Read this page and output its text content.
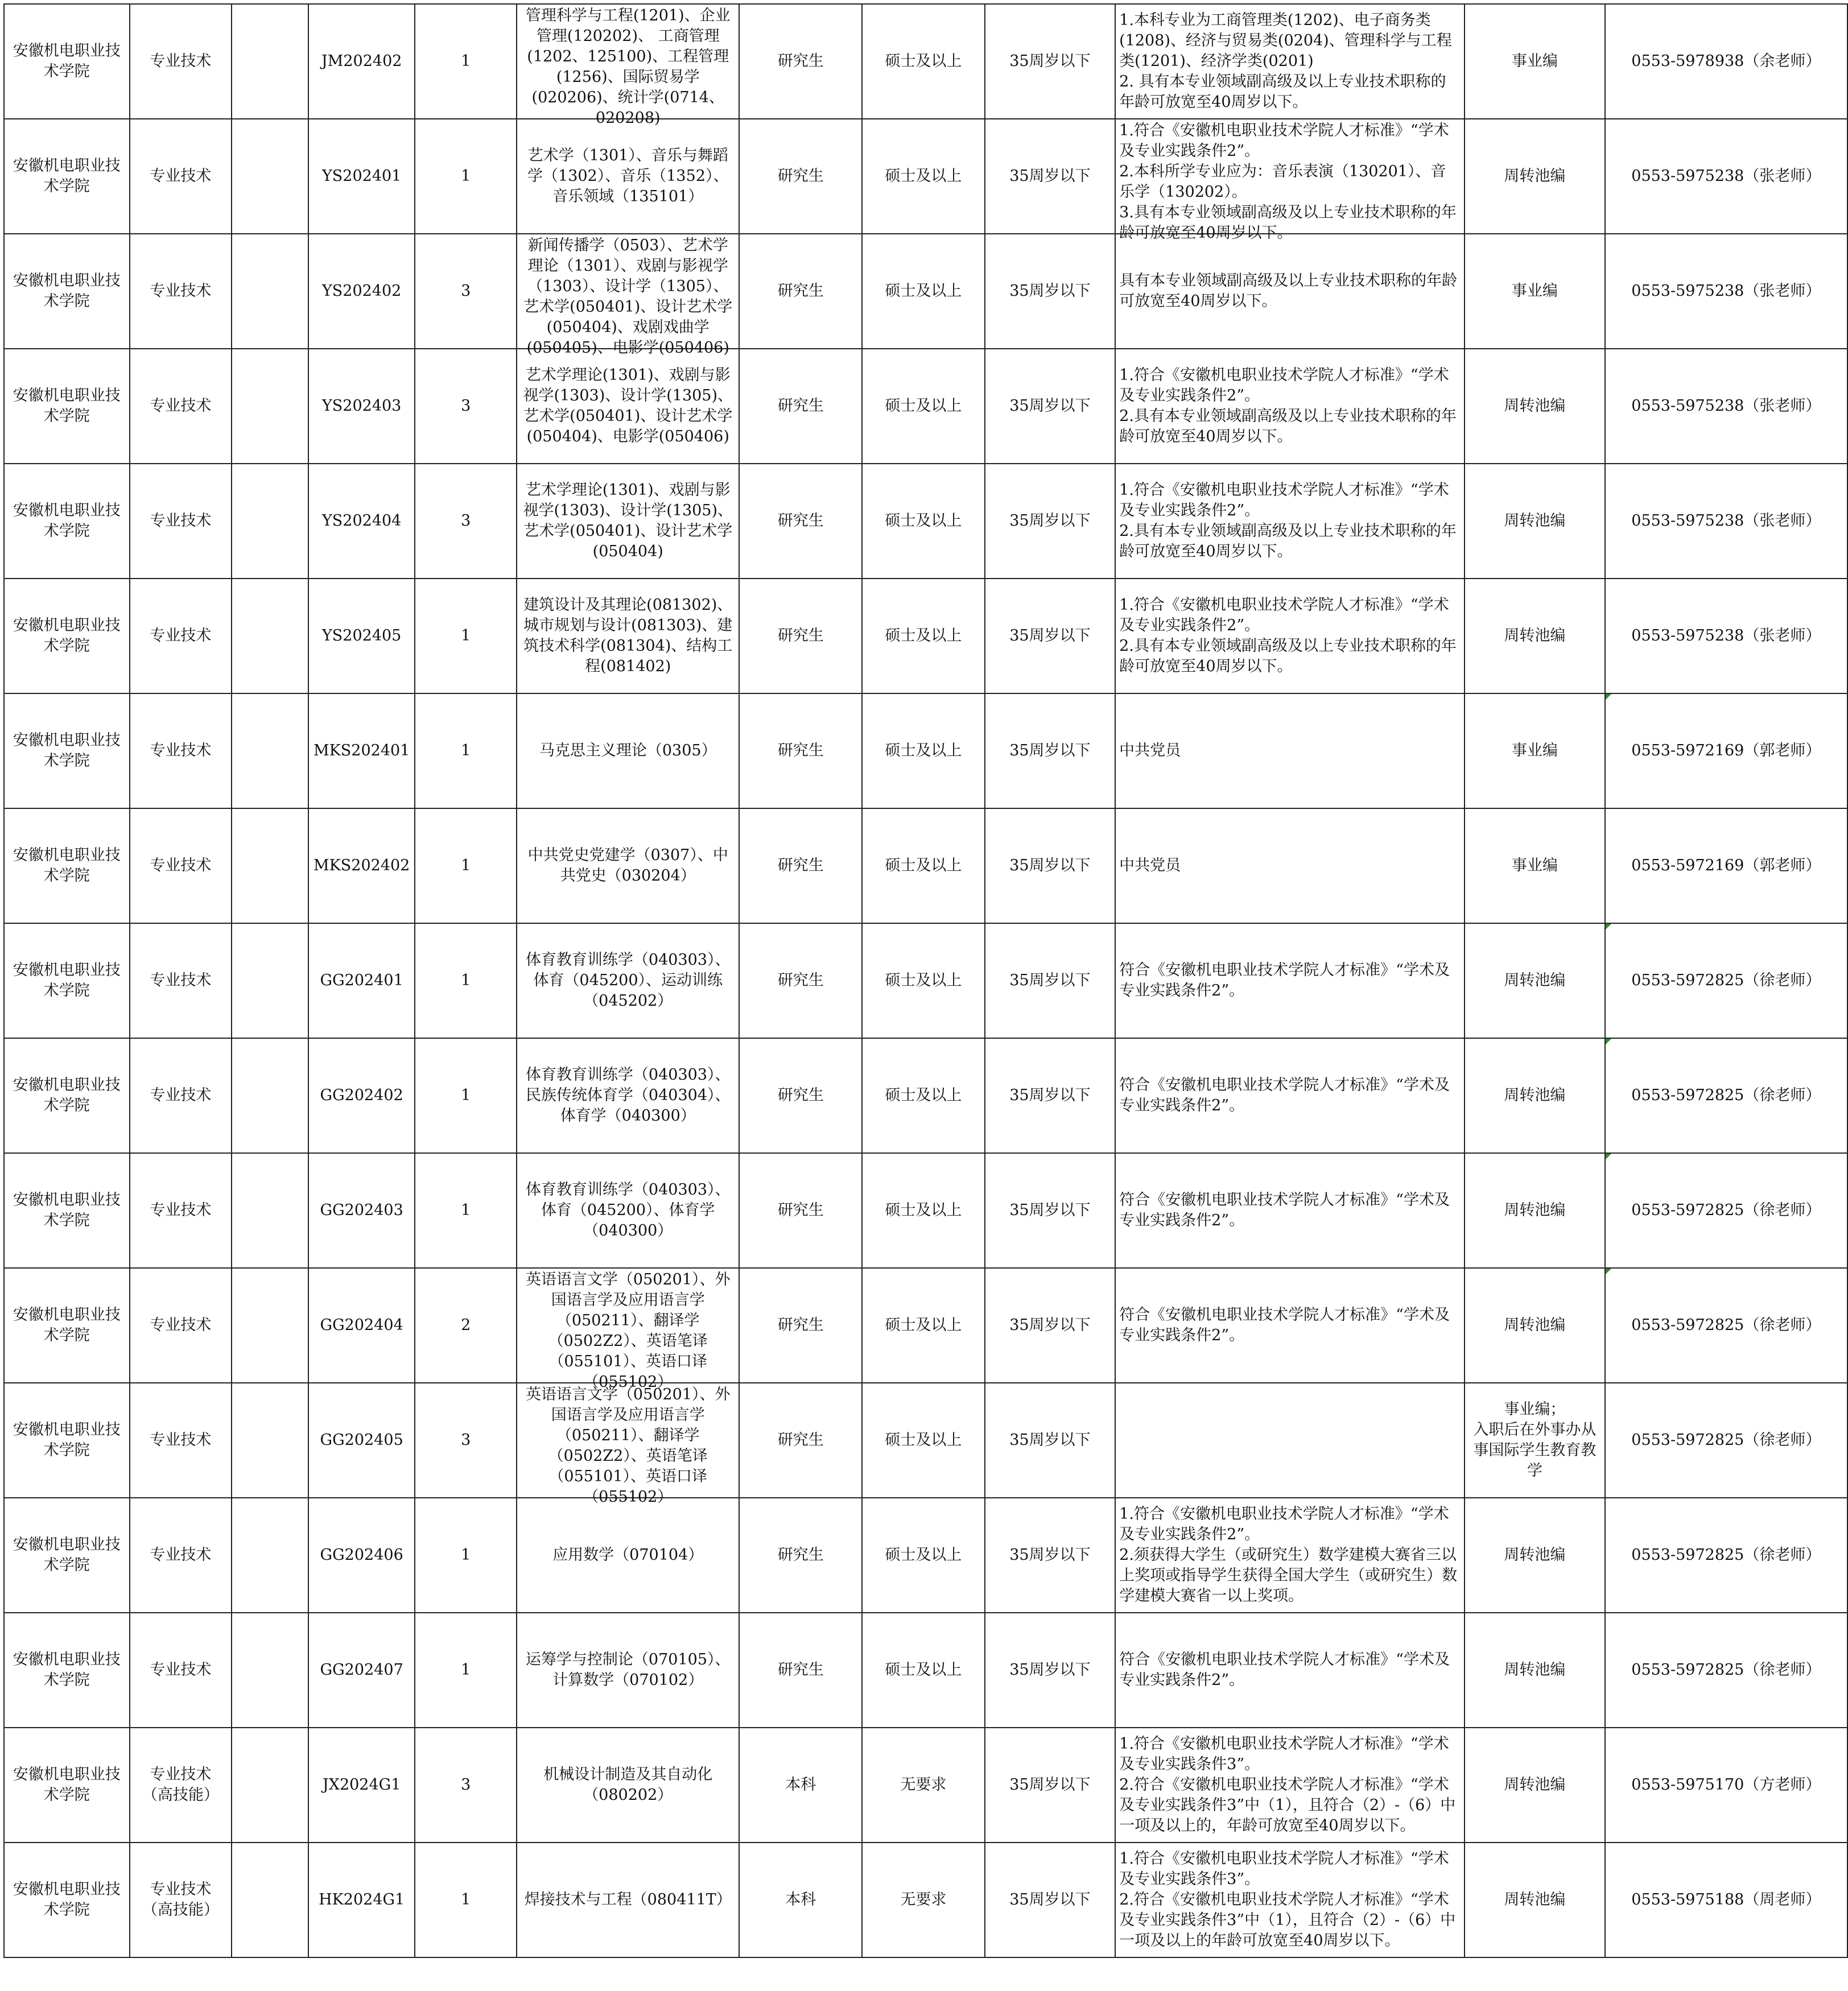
安徽机电职业技术学院	专业技术		JM202402	1	管理科学与工程(1201)、企业管理(120202)、 工商管理(1202、125100)、工程管理(1256)、国际贸易学(020206)、统计学(0714、020208)	研究生	硕士及以上	35周岁以下	1.本科专业为工商管理类(1202)、电子商务类(1208)、经济与贸易类(0204)、管理科学与工程类(1201)、经济学类(0201)
2. 具有本专业领域副高级及以上专业技术职称的年龄可放宽至40周岁以下。	事业编	0553-5978938（余老师）

安徽机电职业技术学院	专业技术		YS202401	1	艺术学（1301）、音乐与舞蹈学（1302）、音乐（1352）、音乐领域（135101）	研究生	硕士及以上	35周岁以下	1.符合《安徽机电职业技术学院人才标准》“学术及专业实践条件2”。
2.本科所学专业应为：音乐表演（130201）、音乐学（130202）。
3.具有本专业领域副高级及以上专业技术职称的年龄可放宽至40周岁以下。	周转池编	0553-5975238（张老师）

安徽机电职业技术学院	专业技术		YS202402	3	新闻传播学（0503）、艺术学理论（1301）、戏剧与影视学（1303）、设计学（1305）、艺术学(050401)、设计艺术学(050404)、戏剧戏曲学(050405)、电影学(050406)	研究生	硕士及以上	35周岁以下	具有本专业领域副高级及以上专业技术职称的年龄可放宽至40周岁以下。	事业编	0553-5975238（张老师）

安徽机电职业技术学院	专业技术		YS202403	3	艺术学理论(1301)、戏剧与影视学(1303)、设计学(1305)、艺术学(050401)、设计艺术学(050404)、电影学(050406)	研究生	硕士及以上	35周岁以下	1.符合《安徽机电职业技术学院人才标准》“学术及专业实践条件2”。
2.具有本专业领域副高级及以上专业技术职称的年龄可放宽至40周岁以下。	周转池编	0553-5975238（张老师）

安徽机电职业技术学院	专业技术		YS202404	3	艺术学理论(1301)、戏剧与影视学(1303)、设计学(1305)、艺术学(050401)、设计艺术学(050404)	研究生	硕士及以上	35周岁以下	1.符合《安徽机电职业技术学院人才标准》“学术及专业实践条件2”。
2.具有本专业领域副高级及以上专业技术职称的年龄可放宽至40周岁以下。	周转池编	0553-5975238（张老师）

安徽机电职业技术学院	专业技术		YS202405	1	建筑设计及其理论(081302)、城市规划与设计(081303)、建筑技术科学(081304)、结构工程(081402)	研究生	硕士及以上	35周岁以下	1.符合《安徽机电职业技术学院人才标准》“学术及专业实践条件2”。
2.具有本专业领域副高级及以上专业技术职称的年龄可放宽至40周岁以下。	周转池编	0553-5975238（张老师）

安徽机电职业技术学院	专业技术		MKS202401	1	马克思主义理论（0305）	研究生	硕士及以上	35周岁以下	中共党员	事业编	0553-5972169（郭老师）

安徽机电职业技术学院	专业技术		MKS202402	1	中共党史党建学（0307）、中共党史（030204）	研究生	硕士及以上	35周岁以下	中共党员	事业编	0553-5972169（郭老师）

安徽机电职业技术学院	专业技术		GG202401	1	体育教育训练学（040303）、体育（045200）、运动训练（045202）	研究生	硕士及以上	35周岁以下	符合《安徽机电职业技术学院人才标准》“学术及专业实践条件2”。	周转池编	0553-5972825（徐老师）

安徽机电职业技术学院	专业技术		GG202402	1	体育教育训练学（040303）、民族传统体育学（040304）、体育学（040300）	研究生	硕士及以上	35周岁以下	符合《安徽机电职业技术学院人才标准》“学术及专业实践条件2”。	周转池编	0553-5972825（徐老师）

安徽机电职业技术学院	专业技术		GG202403	1	体育教育训练学（040303）、体育（045200）、体育学（040300）	研究生	硕士及以上	35周岁以下	符合《安徽机电职业技术学院人才标准》“学术及专业实践条件2”。	周转池编	0553-5972825（徐老师）

安徽机电职业技术学院	专业技术		GG202404	2	英语语言文学（050201）、外国语言学及应用语言学（050211）、翻译学（0502Z2）、英语笔译（055101）、英语口译（055102）	研究生	硕士及以上	35周岁以下	符合《安徽机电职业技术学院人才标准》“学术及专业实践条件2”。	周转池编	0553-5972825（徐老师）

安徽机电职业技术学院	专业技术		GG202405	3	英语语言文学（050201）、外国语言学及应用语言学（050211）、翻译学（0502Z2）、英语笔译（055101）、英语口译（055102）	研究生	硕士及以上	35周岁以下		事业编；
入职后在外事办从事国际学生教育教学	0553-5972825（徐老师）

安徽机电职业技术学院	专业技术		GG202406	1	应用数学（070104）	研究生	硕士及以上	35周岁以下	1.符合《安徽机电职业技术学院人才标准》“学术及专业实践条件2”。
2.须获得大学生（或研究生）数学建模大赛省三以上奖项或指导学生获得全国大学生（或研究生）数学建模大赛省一以上奖项。	周转池编	0553-5972825（徐老师）

安徽机电职业技术学院	专业技术		GG202407	1	运筹学与控制论（070105）、计算数学（070102）	研究生	硕士及以上	35周岁以下	符合《安徽机电职业技术学院人才标准》“学术及专业实践条件2”。	周转池编	0553-5972825（徐老师）

安徽机电职业技术学院	专业技术（高技能）		JX2024G1	3	机械设计制造及其自动化（080202）	本科	无要求	35周岁以下	1.符合《安徽机电职业技术学院人才标准》“学术及专业实践条件3”。
2.符合《安徽机电职业技术学院人才标准》“学术及专业实践条件3”中（1），且符合（2）-（6）中一项及以上的，年龄可放宽至40周岁以下。	周转池编	0553-5975170（方老师）

安徽机电职业技术学院	专业技术（高技能）		HK2024G1	1	焊接技术与工程（080411T）	本科	无要求	35周岁以下	1.符合《安徽机电职业技术学院人才标准》“学术及专业实践条件3”。
2.符合《安徽机电职业技术学院人才标准》“学术及专业实践条件3”中（1），且符合（2）-（6）中一项及以上的年龄可放宽至40周岁以下。	周转池编	0553-5975188（周老师）
